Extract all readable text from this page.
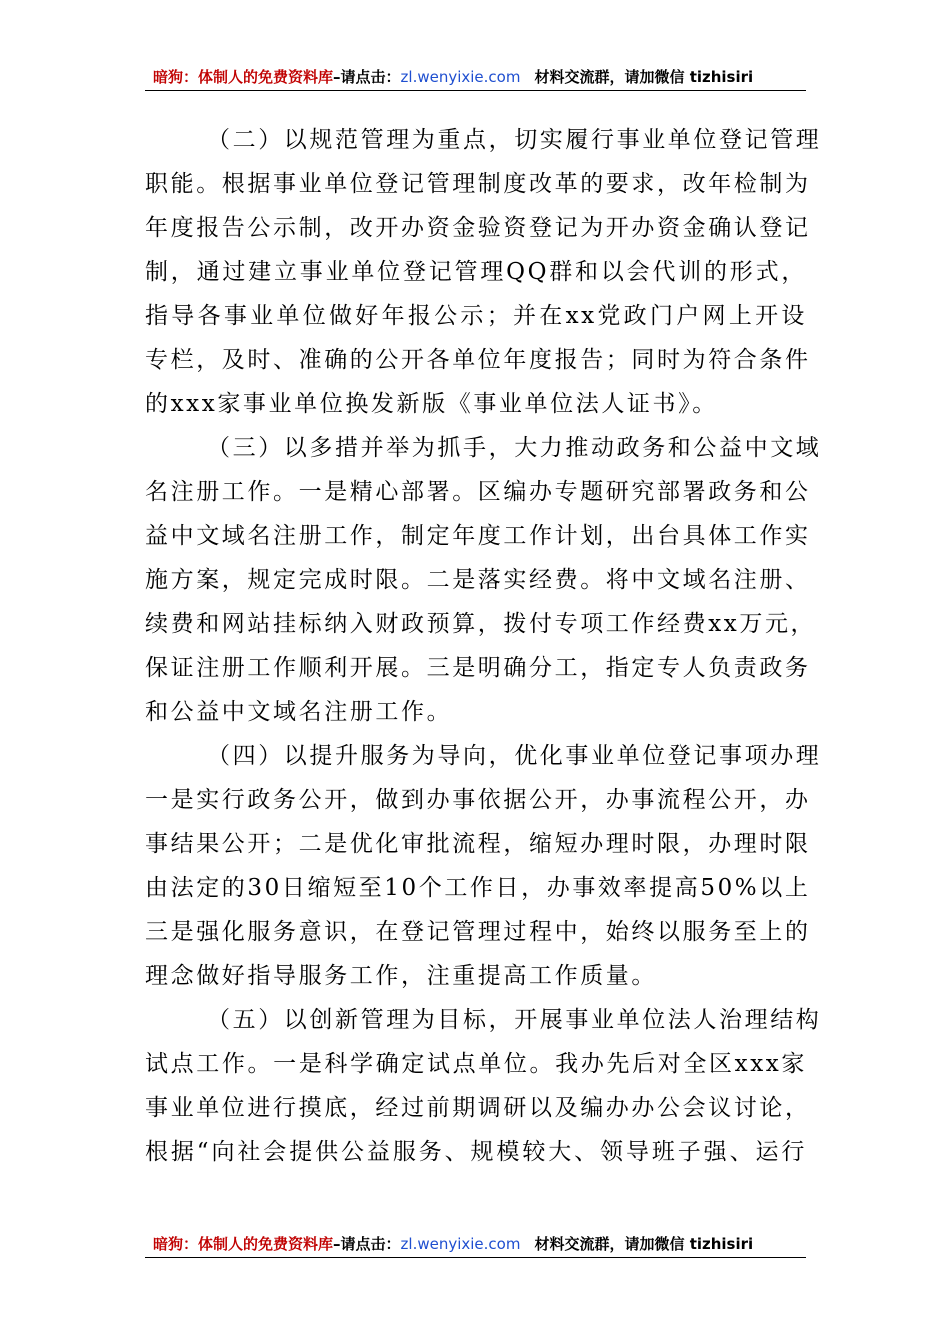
暗狗：体制人的免费资料库–请点击：zl.wenyixie.com 材料交流群，请加微信 tizhisiri
（二）以规范管理为重点，切实履行事业单位登记管理
职能。根据事业单位登记管理制度改革的要求，改年检制为
年度报告公示制，改开办资金验资登记为开办资金确认登记
制，通过建立事业单位登记管理QQ群和以会代训的形式，
指导各事业单位做好年报公示；并在xx党政门户网上开设
专栏，及时、准确的公开各单位年度报告；同时为符合条件
的xxx家事业单位换发新版《事业单位法人证书》。
（三）以多措并举为抓手，大力推动政务和公益中文域
名注册工作。一是精心部署。区编办专题研究部署政务和公
益中文域名注册工作，制定年度工作计划，出台具体工作实
施方案，规定完成时限。二是落实经费。将中文域名注册、
续费和网站挂标纳入财政预算，拨付专项工作经费xx万元，
保证注册工作顺利开展。三是明确分工，指定专人负责政务
和公益中文域名注册工作。
（四）以提升服务为导向，优化事业单位登记事项办理
一是实行政务公开，做到办事依据公开，办事流程公开，办
事结果公开；二是优化审批流程，缩短办理时限，办理时限
由法定的30日缩短至10个工作日，办事效率提高50%以上
三是强化服务意识，在登记管理过程中，始终以服务至上的
理念做好指导服务工作，注重提高工作质量。
（五）以创新管理为目标，开展事业单位法人治理结构
试点工作。一是科学确定试点单位。我办先后对全区xxx家
事业单位进行摸底，经过前期调研以及编办办公会议讨论，
根据“向社会提供公益服务、规模较大、领导班子强、运行
暗狗：体制人的免费资料库–请点击：zl.wenyixie.com 材料交流群，请加微信 tizhisiri
